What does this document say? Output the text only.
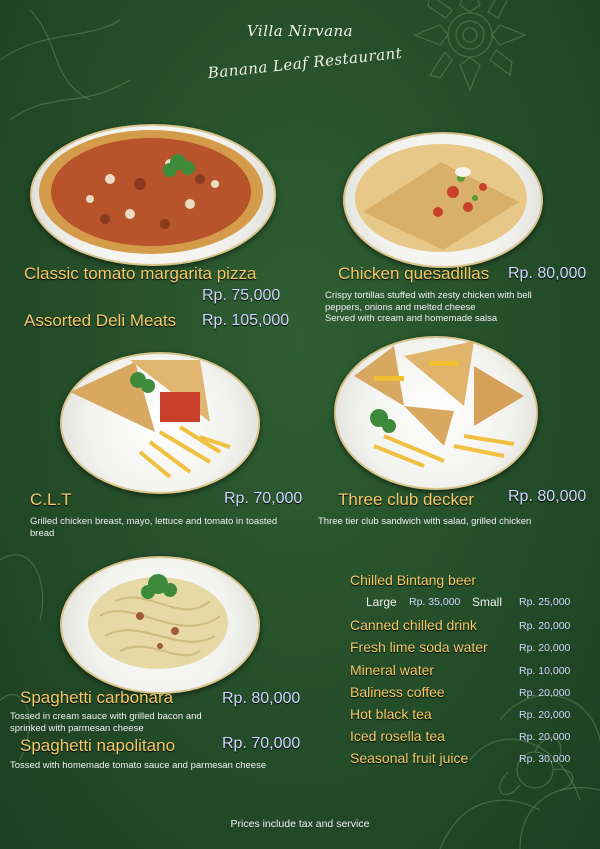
Villa Nirvana
Banana Leaf Restaurant
Classic tomato margarita pizza
Rp. 75,000
Assorted Deli Meats Rp. 105,000
Chicken quesadillas Rp. 80,000
Crispy tortillas stuffed with zesty chicken with bell peppers, onions and melted cheese
Served with cream and homemade salsa
C.L.T	Rp. 70,000
Grilled chicken breast, mayo, lettuce and tomato in toasted bread
Three club decker Rp. 80,000
Three tier club sandwich with salad, grilled chicken
Spaghetti carbonara	Rp. 80,000
Tossed in cream sauce with grilled bacon and sprinked with parmesan cheese
Spaghetti napolitano	Rp. 70,000
Tossed with homemade tomato sauce and parmesan cheese
Chilled Bintang beer
Large Rp. 35,000 Small Rp. 25,000
Canned chilled drink	Rp. 20,000
Fresh lime soda water	Rp. 20,000
Mineral water	Rp. 10,000
Baliness coffee	Rp. 20,000
Hot black tea	Rp. 20,000
Iced rosella tea	Rp. 20,000
Seasonal fruit juice	Rp. 30,000
Prices include tax and service
